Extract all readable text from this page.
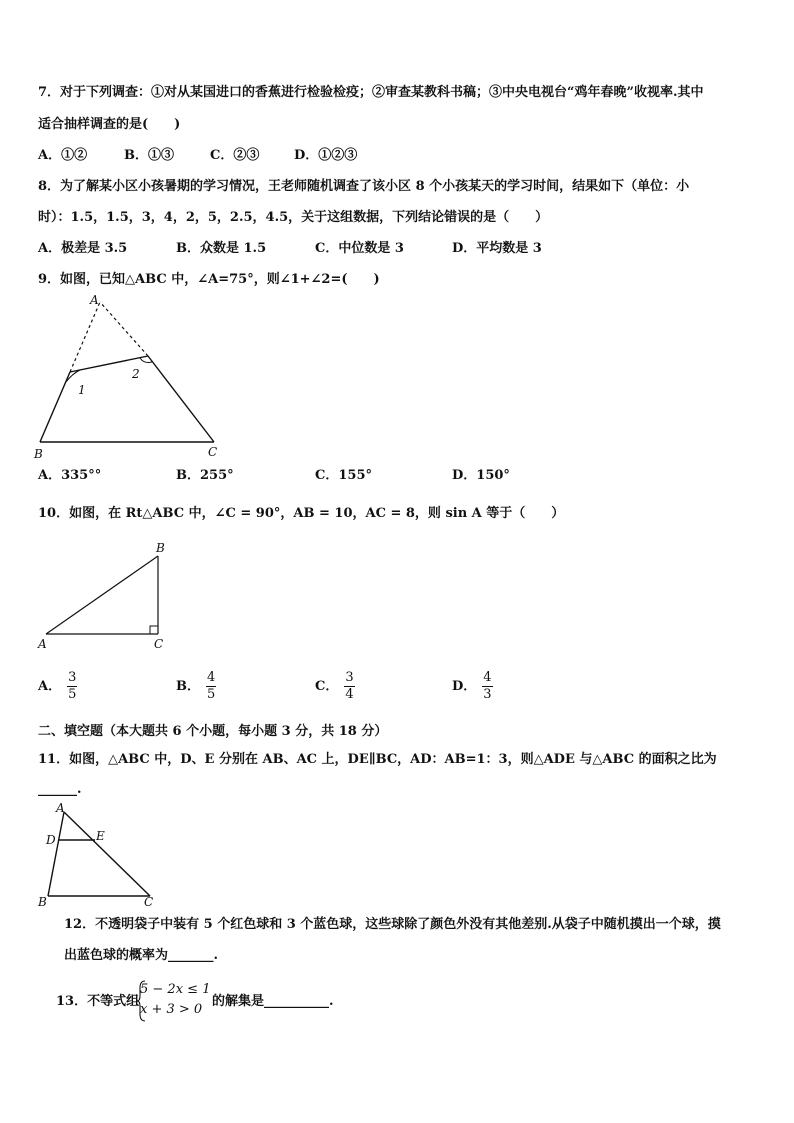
7．对于下列调查：①对从某国进口的香蕉进行检验检疫；②审查某教科书稿；③中央电视台“鸡年春晚”收视率.其中
适合抽样调查的是(　　)
A．①②	B．①③	C．②③	D．①②③
8．为了解某小区小孩暑期的学习情况，王老师随机调查了该小区 8 个小孩某天的学习时间，结果如下（单位：小
时）：1.5，1.5，3，4，2，5，2.5，4.5，关于这组数据，下列结论错误的是（　　）
A．极差是 3.5	B．众数是 1.5	C．中位数是 3	D．平均数是 3
9．如图，已知△ABC 中，∠A=75°，则∠1+∠2=(　　)
A
1
2
B	C
A．335°°	B．255°	C．155°	D．150°
10．如图，在 Rt△ABC 中，∠C = 90°，AB = 10，AC = 8，则 sin A 等于（　　）
B
A	C
A． $\frac{3}{5}$	B． $\frac{4}{5}$	C． $\frac{3}{4}$	D． $\frac{4}{3}$
二、填空题（本大题共 6 个小题，每小题 3 分，共 18 分）
11．如图，△ABC 中，D、E 分别在 AB、AC 上，DE∥BC，AD：AB=1：3，则△ADE 与△ABC 的面积之比为
______.
A
D	E
B	C
12．不透明袋子中装有 5 个红色球和 3 个蓝色球，这些球除了颜色外没有其他差别.从袋子中随机摸出一个球，摸
出蓝色球的概率为_______.
13．不等式组
5 − 2x ≤ 1
x + 3 > 0
的解集是__________.
